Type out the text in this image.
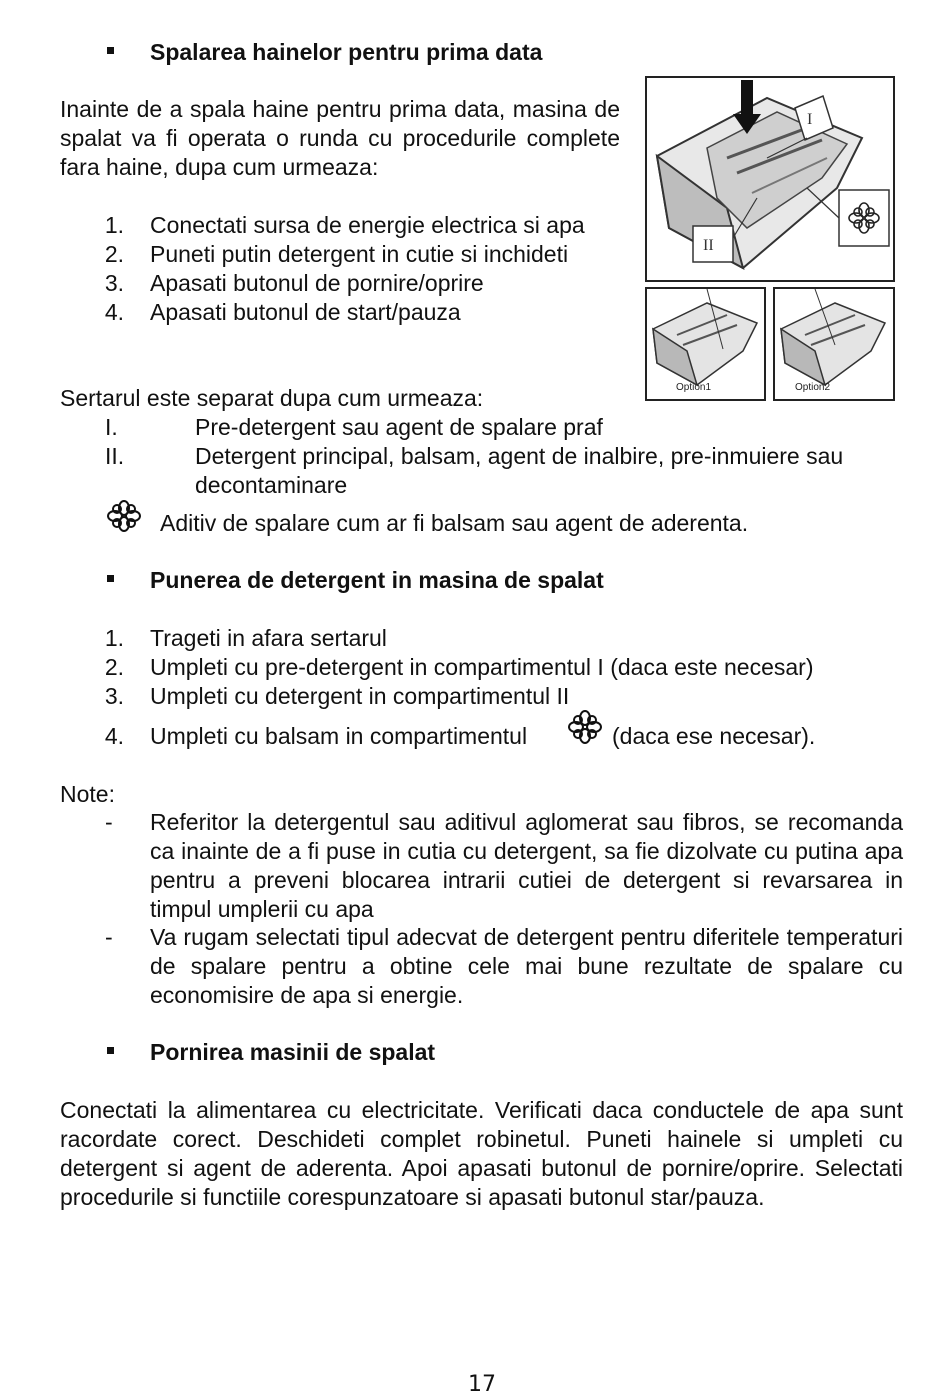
Spalarea hainelor pentru prima data
Inainte de a spala haine pentru prima data, masina de spalat va fi operata o runda cu procedurile complete fara haine, dupa cum urmeaza:
1. Conectati sursa de energie electrica si apa
2. Puneti putin detergent in cutie si inchideti
3. Apasati butonul de pornire/oprire
4. Apasati butonul de start/pauza
I
II
Option1	Option2
Sertarul este separat dupa cum urmeaza:
I.	Pre-detergent sau agent de spalare praf
II.	Detergent principal, balsam, agent de inalbire, pre-inmuiere sau decontaminare
Aditiv de spalare cum ar fi balsam sau agent de aderenta.
Punerea de detergent in masina de spalat
1. Trageti in afara sertarul
2. Umpleti cu pre-detergent in compartimentul I (daca este necesar)
3. Umpleti cu detergent in compartimentul II
4. Umpleti cu balsam in compartimentul	(daca ese necesar).
Note:
- Referitor la detergentul sau aditivul aglomerat sau fibros, se recomanda ca inainte de a fi puse in cutia cu detergent, sa fie dizolvate cu putina apa pentru a preveni blocarea intrarii cutiei de detergent si revarsarea in timpul umplerii cu apa
- Va rugam selectati tipul adecvat de detergent pentru diferitele temperaturi de spalare pentru a obtine cele mai bune rezultate de spalare cu economisire de apa si energie.
Pornirea masinii de spalat
Conectati la alimentarea cu electricitate. Verificati daca conductele de apa sunt racordate corect. Deschideti complet robinetul. Puneti hainele si umpleti cu detergent si agent de aderenta. Apoi apasati butonul de pornire/oprire. Selectati procedurile si functiile corespunzatoare si apasati butonul star/pauza.
17
